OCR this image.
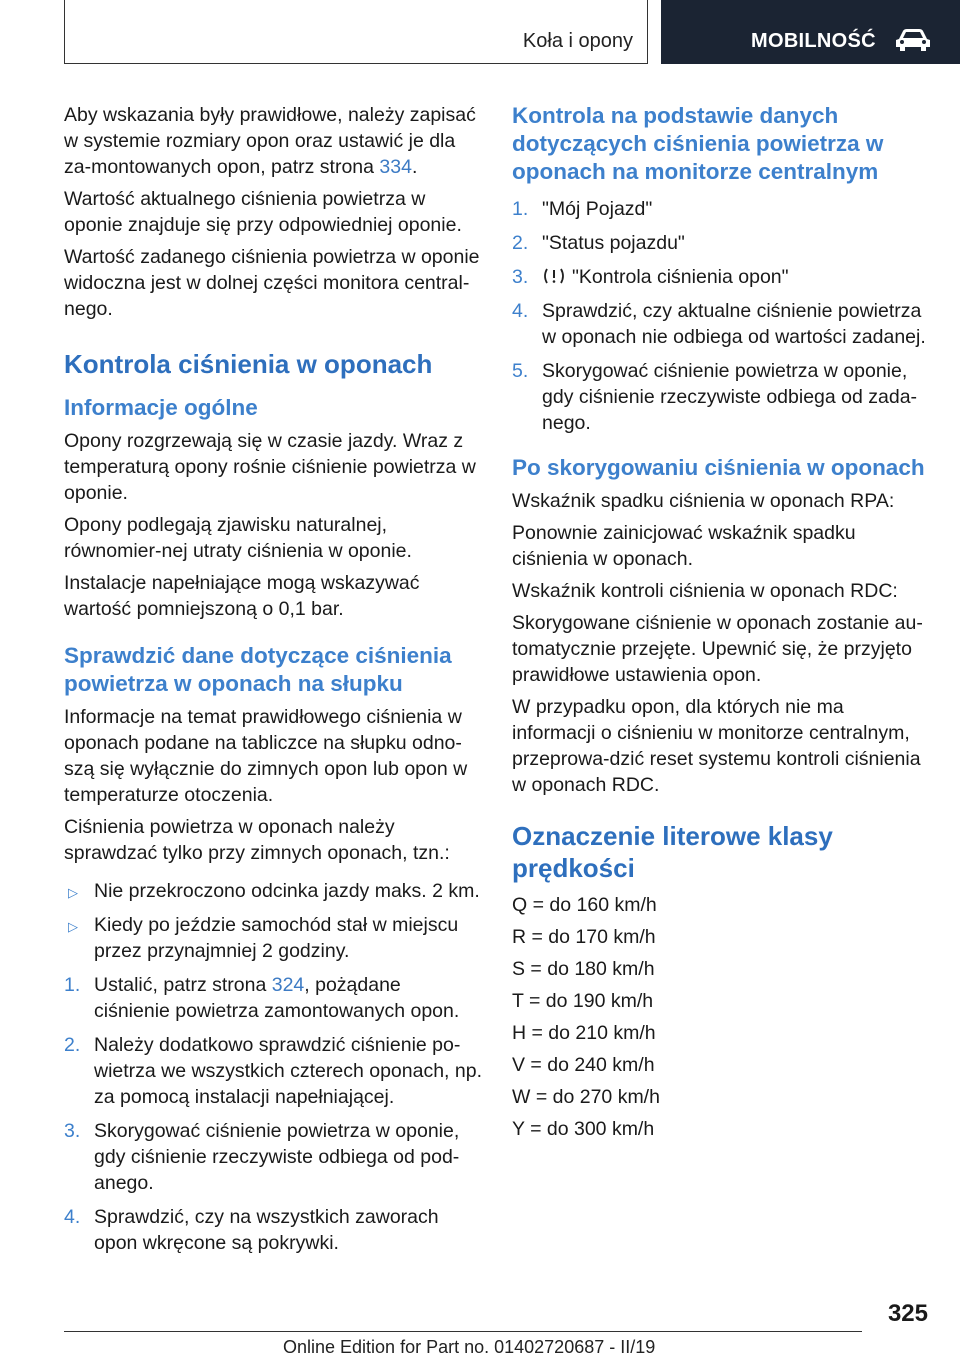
Koła i opony	MOBILNOŚĆ

Aby wskazania były prawidłowe, należy zapisać w systemie rozmiary opon oraz ustawić je dla za-montowanych opon, patrz strona 334.

Wartość aktualnego ciśnienia powietrza w oponie znajduje się przy odpowiedniej oponie.

Wartość zadanego ciśnienia powietrza w oponie widoczna jest w dolnej części monitora central-nego.

Kontrola ciśnienia w oponach
Informacje ogólne

Opony rozgrzewają się w czasie jazdy. Wraz z temperaturą opony rośnie ciśnienie powietrza w oponie.

Opony podlegają zjawisku naturalnej, równomier-nej utraty ciśnienia w oponie.

Instalacje napełniające mogą wskazywać wartość pomniejszoną o 0,1 bar.

Sprawdzić dane dotyczące ciśnienia powietrza w oponach na słupku

Informacje na temat prawidłowego ciśnienia w oponach podane na tabliczce na słupku odno-szą się wyłącznie do zimnych opon lub opon w temperaturze otoczenia.

Ciśnienia powietrza w oponach należy sprawdzać tylko przy zimnych oponach, tzn.:

▷ Nie przekroczono odcinka jazdy maks. 2 km.
▷ Kiedy po jeździe samochód stał w miejscu przez przynajmniej 2 godziny.
1. Ustalić, patrz strona 324, pożądane ciśnienie powietrza zamontowanych opon.
2. Należy dodatkowo sprawdzić ciśnienie po-wietrza we wszystkich czterech oponach, np. za pomocą instalacji napełniającej.
3. Skorygować ciśnienie powietrza w oponie, gdy ciśnienie rzeczywiste odbiega od pod-anego.
4. Sprawdzić, czy na wszystkich zaworach opon wkręcone są pokrywki.
Kontrola na podstawie danych dotyczących ciśnienia powietrza w oponach na monitorze centralnym
1. "Mój Pojazd"
2. "Status pojazdu"
3. "Kontrola ciśnienia opon"
4. Sprawdzić, czy aktualne ciśnienie powietrza w oponach nie odbiega od wartości zadanej.
5. Skorygować ciśnienie powietrza w oponie, gdy ciśnienie rzeczywiste odbiega od zada-nego.
Po skorygowaniu ciśnienia w oponach

Wskaźnik spadku ciśnienia w oponach RPA:

Ponownie zainicjować wskaźnik spadku ciśnienia w oponach.

Wskaźnik kontroli ciśnienia w oponach RDC:

Skorygowane ciśnienie w oponach zostanie au-tomatycznie przejęte. Upewnić się, że przyjęto prawidłowe ustawienia opon.

W przypadku opon, dla których nie ma informacji o ciśnieniu w monitorze centralnym, przeprowa-dzić reset systemu kontroli ciśnienia w oponach RDC.

Oznaczenie literowe klasy prędkości

Q = do 160 km/h

R = do 170 km/h

S = do 180 km/h

T = do 190 km/h

H = do 210 km/h

V = do 240 km/h

W = do 270 km/h

Y = do 300 km/h

325
Online Edition for Part no. 01402720687 - II/19
